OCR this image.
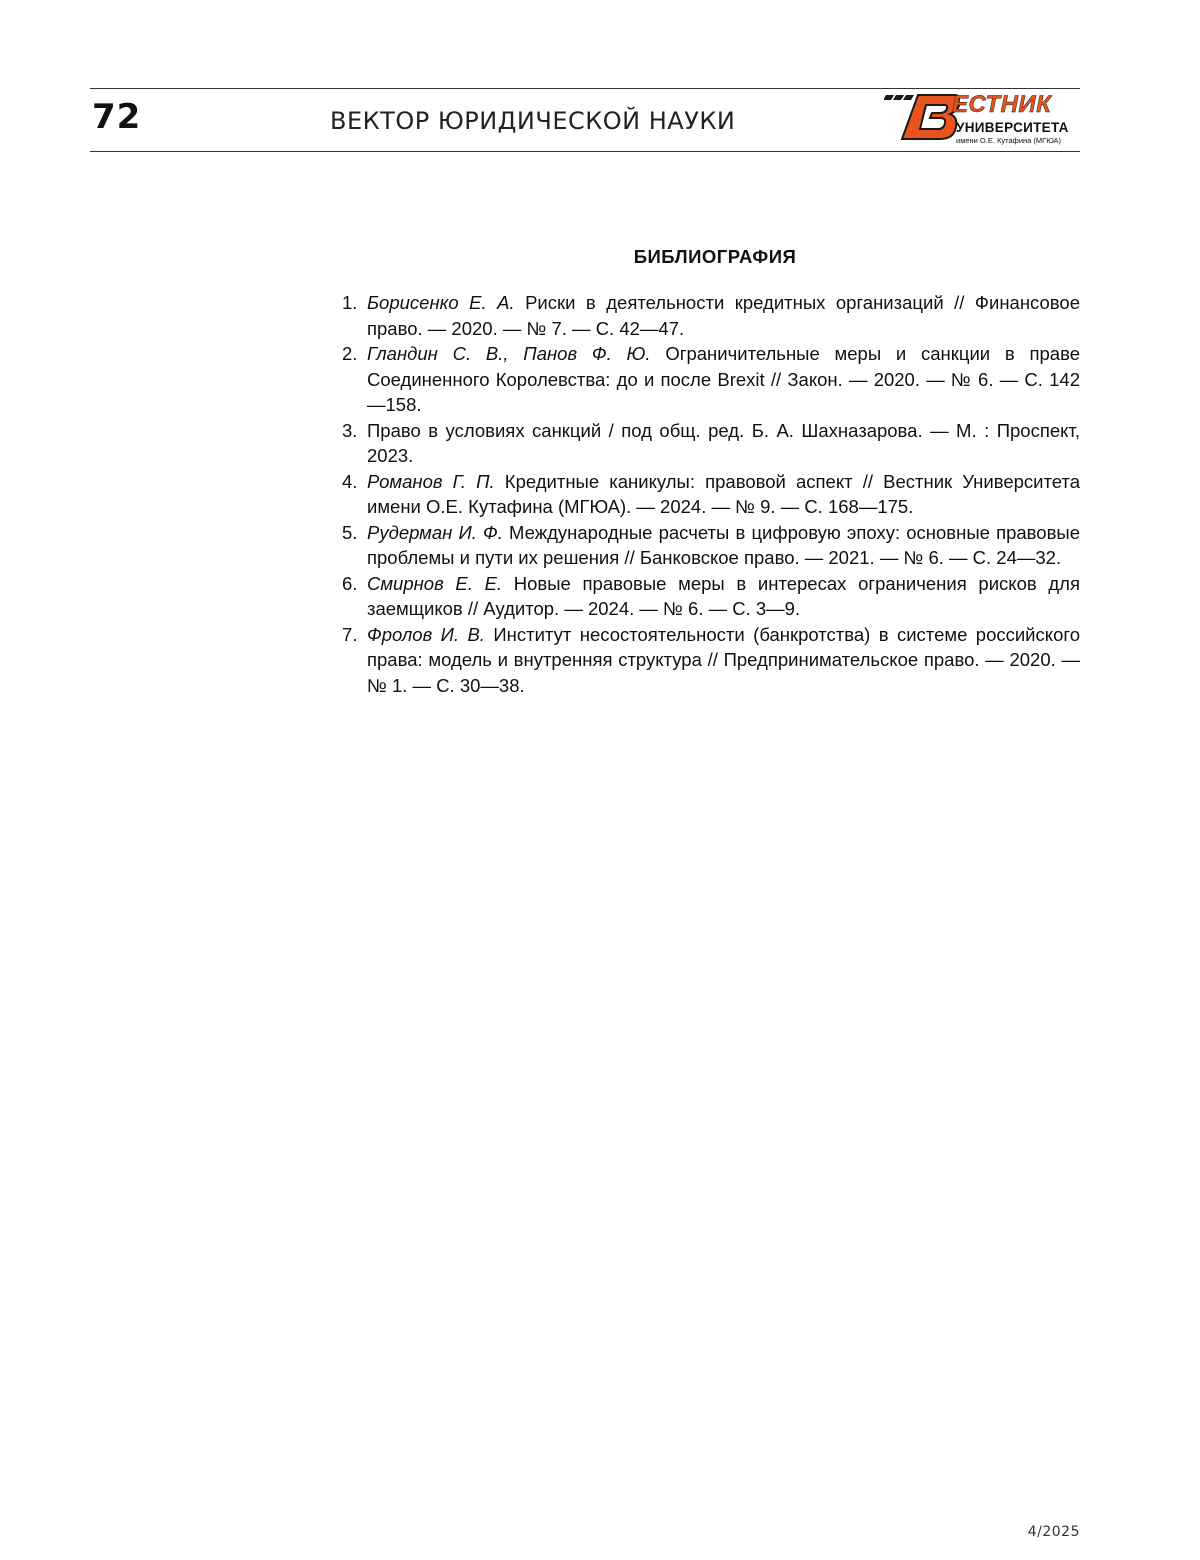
72	ВЕКТОР ЮРИДИЧЕСКОЙ НАУКИ
ЕСТНИК
УНИВЕРСИТЕТА
имени О.Е. Кутафина (МГЮА)
БИБЛИОГРАФИЯ
1. Борисенко Е. А. Риски в деятельности кредитных организаций // Финансовое право. — 2020. — № 7. — С. 42—47.
2. Гландин С. В., Панов Ф. Ю. Ограничительные меры и санкции в праве Соединенного Королевства: до и после Brexit // Закон. — 2020. — № 6. — С. 142—158.
3. Право в условиях санкций / под общ. ред. Б. А. Шахназарова. — М. : Проспект, 2023.
4. Романов Г. П. Кредитные каникулы: правовой аспект // Вестник Университета имени О.Е. Кутафина (МГЮА). — 2024. — № 9. — С. 168—175.
5. Рудерман И. Ф. Международные расчеты в цифровую эпоху: основные правовые проблемы и пути их решения // Банковское право. — 2021. — № 6. — С. 24—32.
6. Смирнов Е. Е. Новые правовые меры в интересах ограничения рисков для заемщиков // Аудитор. — 2024. — № 6. — С. 3—9.
7. Фролов И. В. Институт несостоятельности (банкротства) в системе российского права: модель и внутренняя структура // Предпринимательское право. — 2020. — № 1. — С. 30—38.
4/2025
